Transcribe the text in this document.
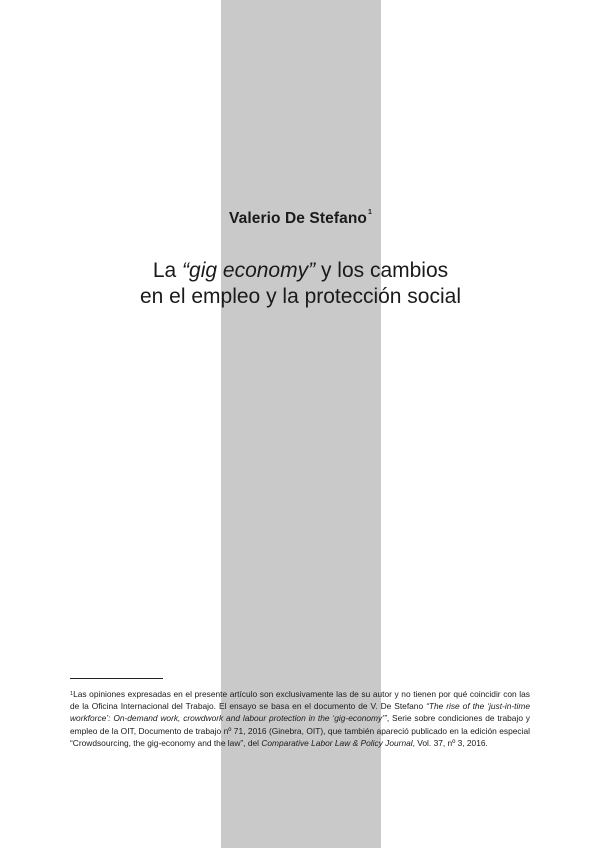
Valerio De Stefano$^1$
La “gig economy” y los cambios
en el empleo y la protección social
$^1$Las opiniones expresadas en el presente artículo son exclusivamente las de su autor y no tienen por qué coincidir con las de la Oficina Internacional del Trabajo. El ensayo se basa en el documento de V. De Stefano “The rise of the ‘just-in-time workforce’: On-demand work, crowdwork and labour protection in the ‘gig-economy’”, Serie sobre condiciones de trabajo y empleo de la OIT, Documento de trabajo nº 71, 2016 (Ginebra, OIT), que también apareció publicado en la edición especial “Crowdsourcing, the gig-economy and the law”, del Comparative Labor Law & Policy Journal, Vol. 37, nº 3, 2016.
